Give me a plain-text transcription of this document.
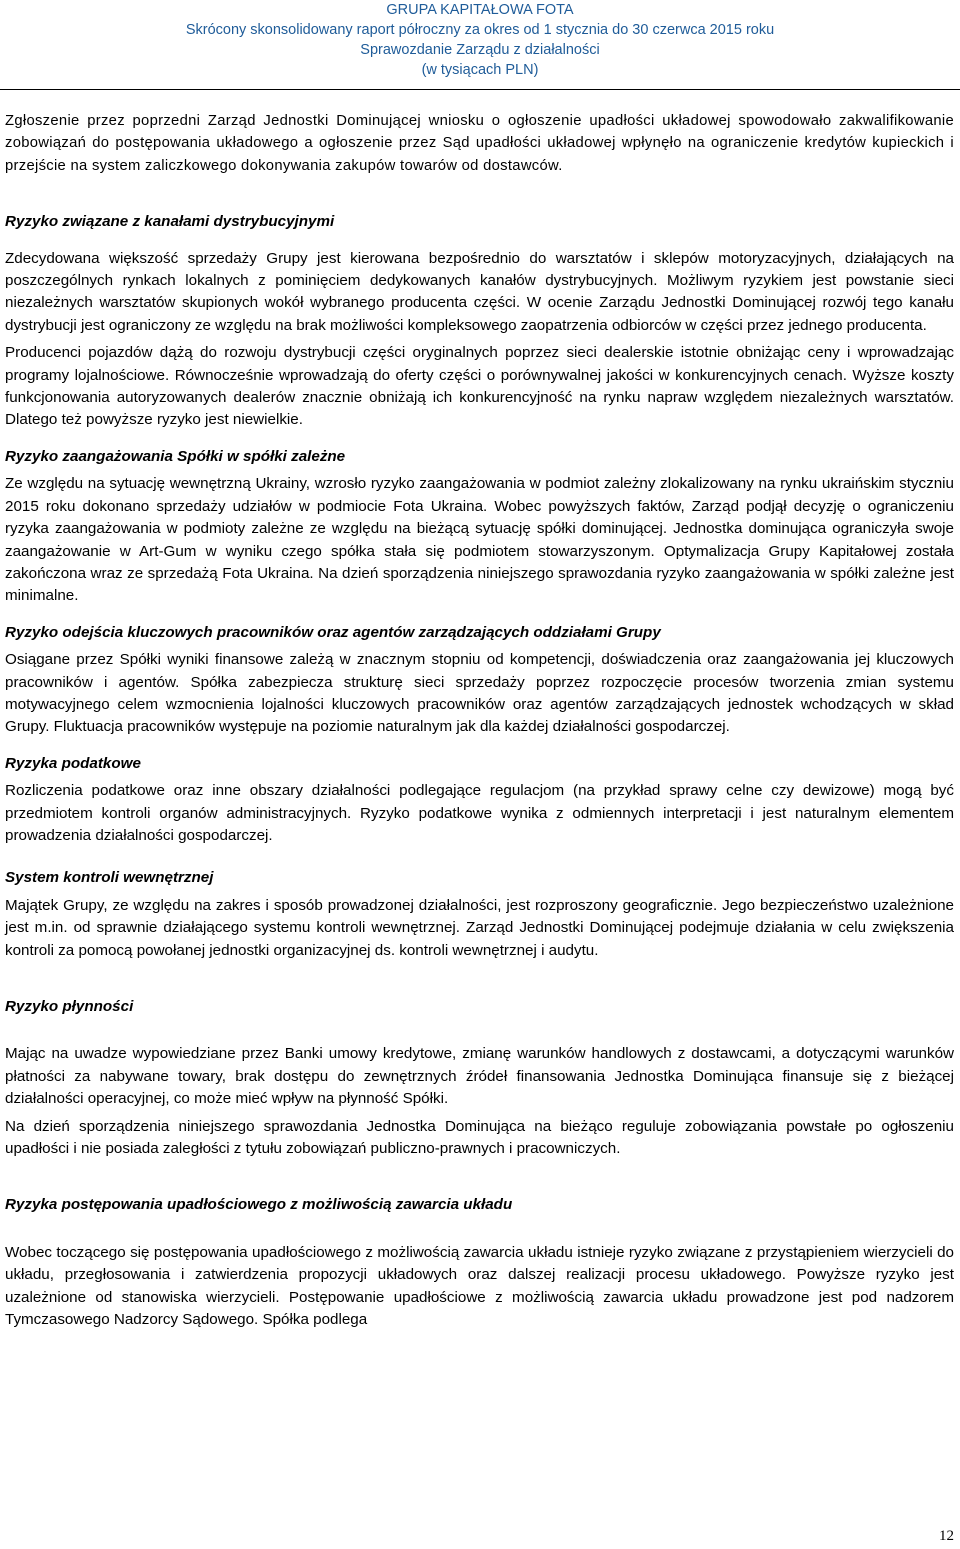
GRUPA KAPITAŁOWA FOTA
Skrócony skonsolidowany raport półroczny za okres od 1 stycznia do 30 czerwca 2015 roku
Sprawozdanie Zarządu z działalności
(w tysiącach PLN)

Zgłoszenie przez poprzedni Zarząd Jednostki Dominującej wniosku o ogłoszenie upadłości układowej spowodowało zakwalifikowanie zobowiązań do postępowania układowego a ogłoszenie przez Sąd upadłości układowej wpłynęło na ograniczenie kredytów kupieckich i przejście na system zaliczkowego dokonywania zakupów towarów od dostawców.

Ryzyko związane z kanałami dystrybucyjnymi

Zdecydowana większość sprzedaży Grupy jest kierowana bezpośrednio do warsztatów i sklepów motoryzacyjnych, działających na poszczególnych rynkach lokalnych z pominięciem dedykowanych kanałów dystrybucyjnych. Możliwym ryzykiem jest powstanie sieci niezależnych warsztatów skupionych wokół wybranego producenta części. W ocenie Zarządu Jednostki Dominującej rozwój tego kanału dystrybucji jest ograniczony ze względu na brak możliwości kompleksowego zaopatrzenia odbiorców w części przez jednego producenta.

Producenci pojazdów dążą do rozwoju dystrybucji części oryginalnych poprzez sieci dealerskie istotnie obniżając ceny i wprowadzając programy lojalnościowe. Równocześnie wprowadzają do oferty części o porównywalnej jakości w konkurencyjnych cenach. Wyższe koszty funkcjonowania autoryzowanych dealerów znacznie obniżają ich konkurencyjność na rynku napraw względem niezależnych warsztatów. Dlatego też powyższe ryzyko jest niewielkie.

Ryzyko zaangażowania Spółki w spółki zależne

Ze względu na sytuację wewnętrzną Ukrainy, wzrosło ryzyko zaangażowania w podmiot zależny zlokalizowany na rynku ukraińskim styczniu 2015 roku dokonano sprzedaży udziałów w podmiocie Fota Ukraina. Wobec powyższych faktów, Zarząd podjął decyzję o ograniczeniu ryzyka zaangażowania w podmioty zależne ze względu na bieżącą sytuację spółki dominującej. Jednostka dominująca ograniczyła swoje zaangażowanie w Art-Gum w wyniku czego spółka stała się podmiotem stowarzyszonym. Optymalizacja Grupy Kapitałowej została zakończona wraz ze sprzedażą Fota Ukraina. Na dzień sporządzenia niniejszego sprawozdania ryzyko zaangażowania w spółki zależne jest minimalne.

Ryzyko odejścia kluczowych pracowników oraz agentów zarządzających oddziałami Grupy

Osiągane przez Spółki wyniki finansowe zależą w znacznym stopniu od kompetencji, doświadczenia oraz zaangażowania jej kluczowych pracowników i agentów. Spółka zabezpiecza strukturę sieci sprzedaży poprzez rozpoczęcie procesów tworzenia zmian systemu motywacyjnego celem wzmocnienia lojalności kluczowych pracowników oraz agentów zarządzających jednostek wchodzących w skład Grupy. Fluktuacja pracowników występuje na poziomie naturalnym jak dla każdej działalności gospodarczej.

Ryzyka podatkowe

Rozliczenia podatkowe oraz inne obszary działalności podlegające regulacjom (na przykład sprawy celne czy dewizowe) mogą być przedmiotem kontroli organów administracyjnych. Ryzyko podatkowe wynika z odmiennych interpretacji i jest naturalnym elementem prowadzenia działalności gospodarczej.

System kontroli wewnętrznej

Majątek Grupy, ze względu na zakres i sposób prowadzonej działalności, jest rozproszony geograficznie. Jego bezpieczeństwo uzależnione jest m.in. od sprawnie działającego systemu kontroli wewnętrznej. Zarząd Jednostki Dominującej podejmuje działania w celu zwiększenia kontroli za pomocą powołanej jednostki organizacyjnej ds. kontroli wewnętrznej i audytu.

Ryzyko płynności

Mając na uwadze wypowiedziane przez Banki umowy kredytowe, zmianę warunków handlowych z dostawcami, a dotyczącymi warunków płatności za nabywane towary, brak dostępu do zewnętrznych źródeł finansowania Jednostka Dominująca finansuje się z bieżącej działalności operacyjnej, co może mieć wpływ na płynność Spółki.

Na dzień sporządzenia niniejszego sprawozdania Jednostka Dominująca na bieżąco reguluje zobowiązania powstałe po ogłoszeniu upadłości i nie posiada zaległości z tytułu zobowiązań publiczno-prawnych i pracowniczych.

Ryzyka postępowania upadłościowego z możliwością zawarcia układu

Wobec toczącego się postępowania upadłościowego z możliwością zawarcia układu istnieje ryzyko związane z przystąpieniem wierzycieli do układu, przegłosowania i zatwierdzenia propozycji układowych oraz dalszej realizacji procesu układowego. Powyższe ryzyko jest uzależnione od stanowiska wierzycieli. Postępowanie upadłościowe z możliwością zawarcia układu prowadzone jest pod nadzorem Tymczasowego Nadzorcy Sądowego. Spółka podlega

12
